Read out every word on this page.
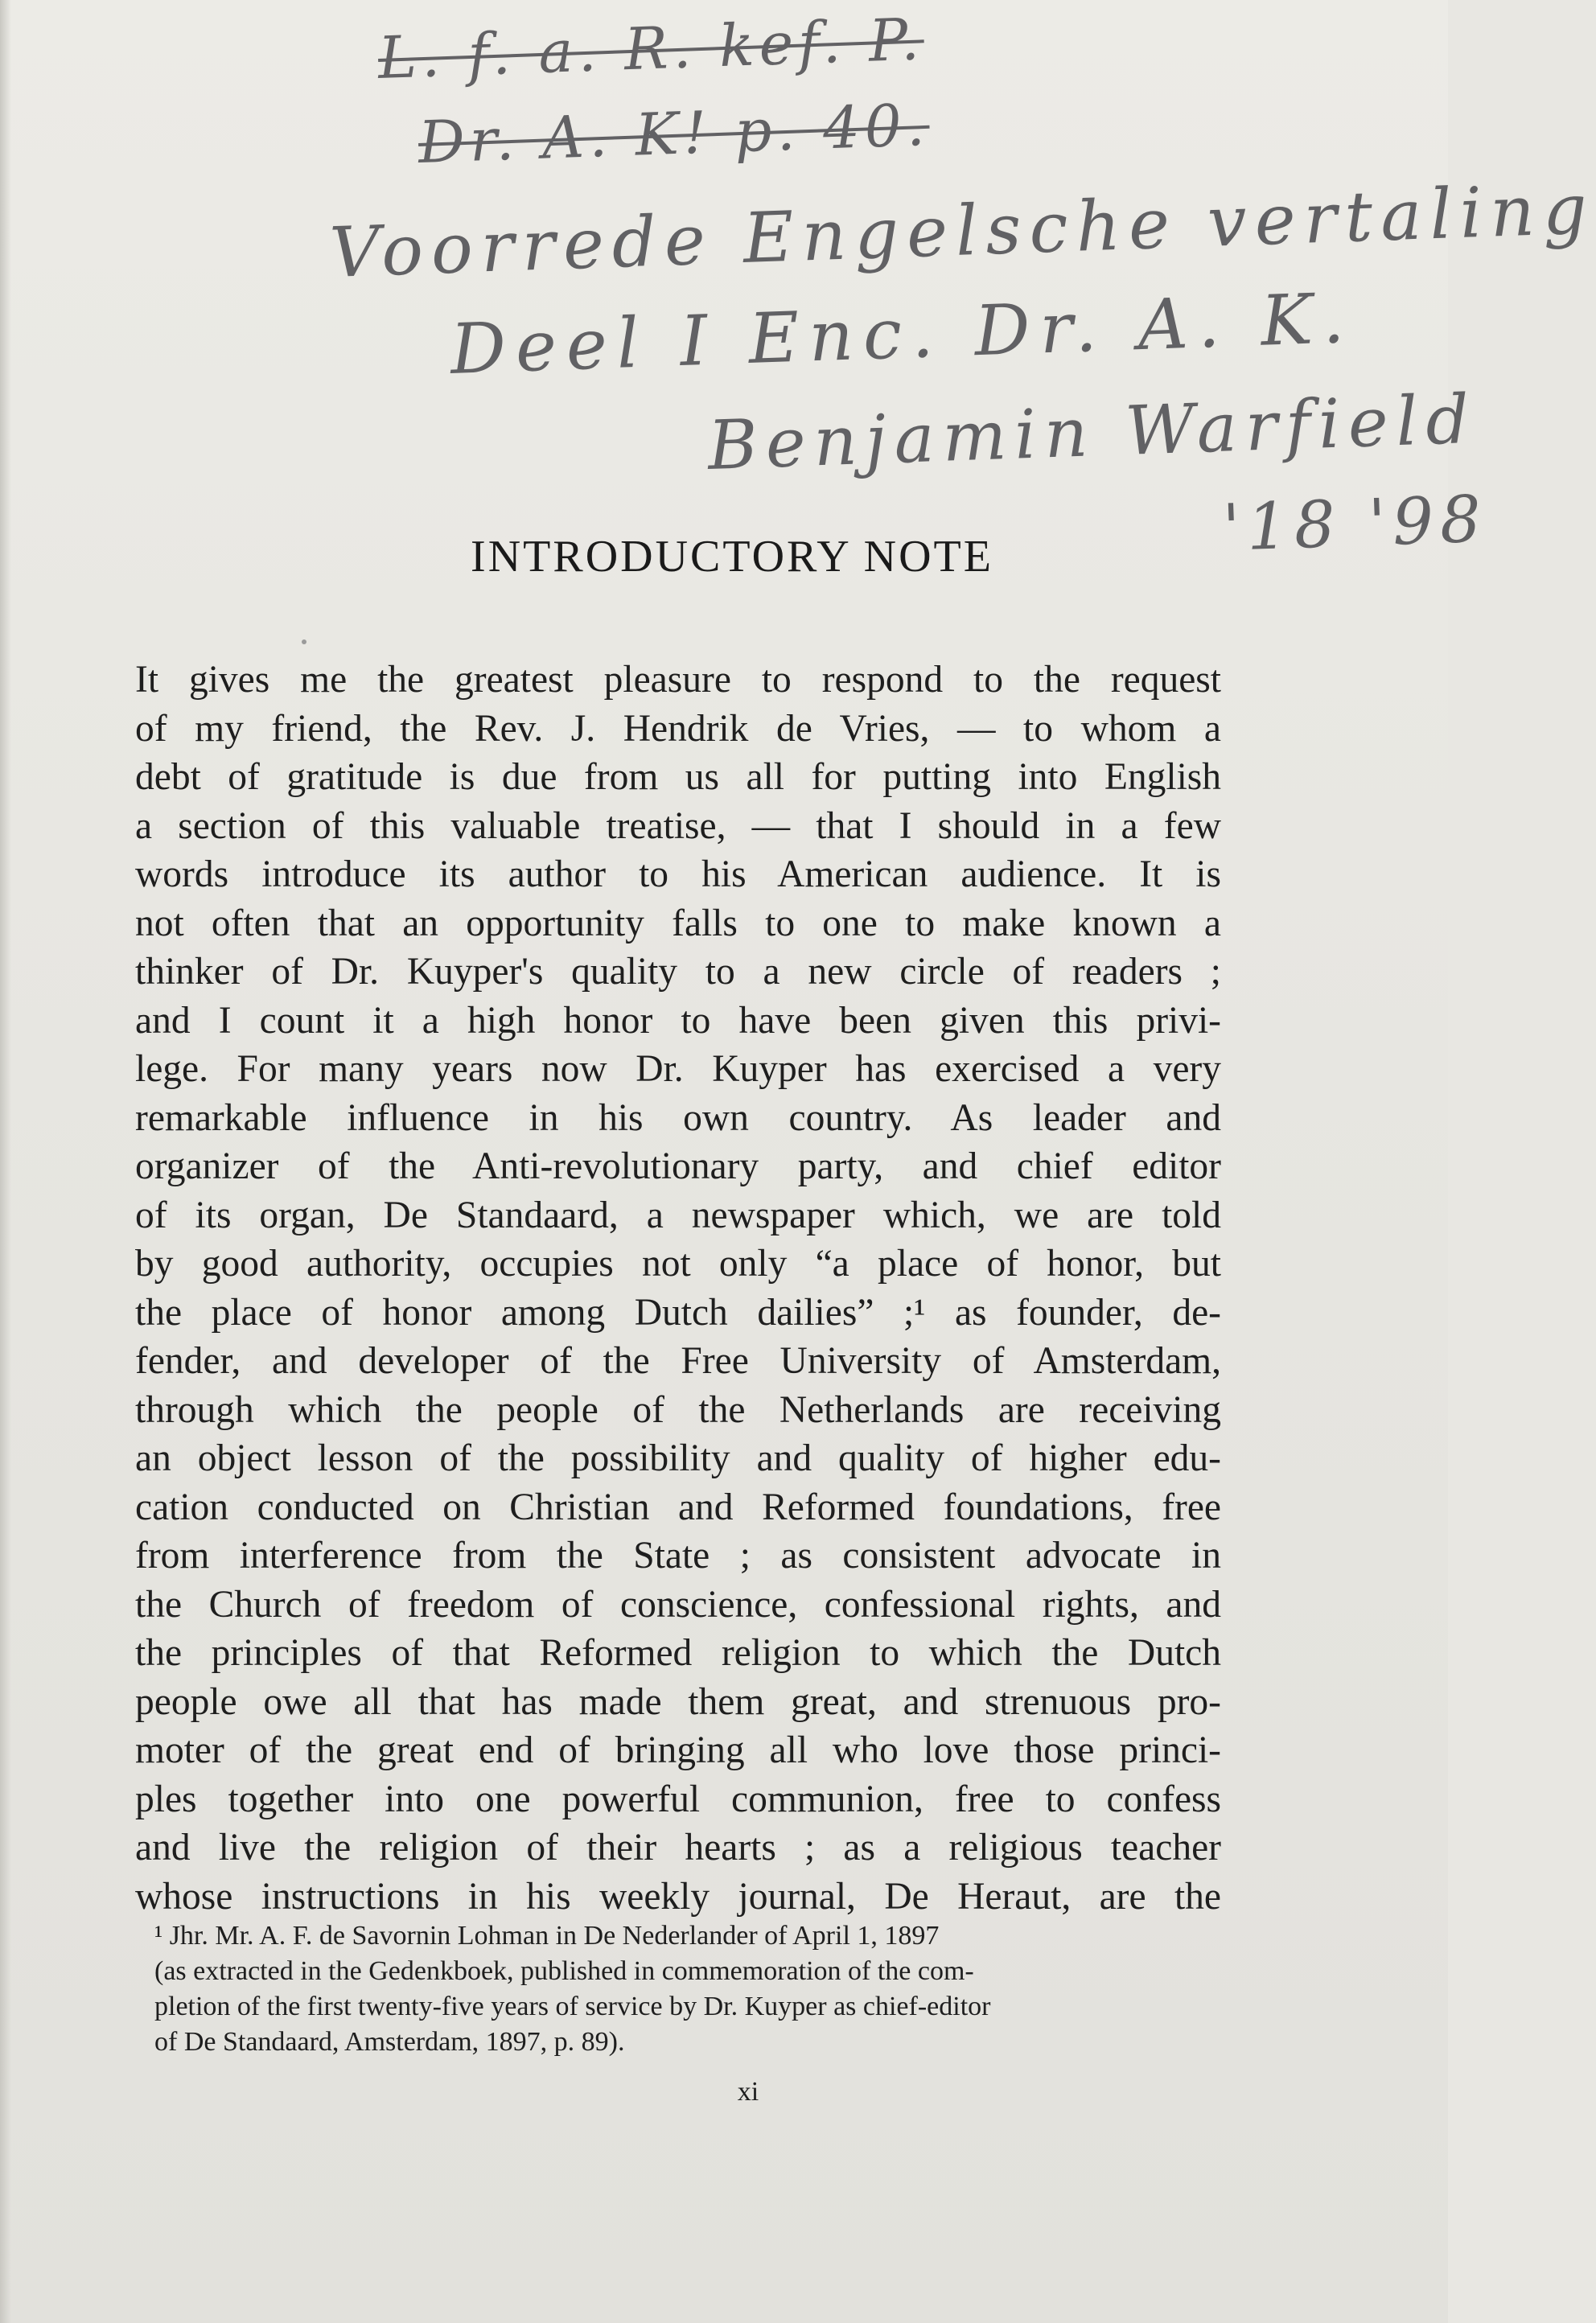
L. f. a. R. kef. P.
Dr. A. K! p. 40.
Voorrede Engelsche vertaling
Deel I Enc. Dr. A. K.
Benjamin Warfield
'18 '98
INTRODUCTORY NOTE
It gives me the greatest pleasure to respond to the request
of my friend, the Rev. J. Hendrik de Vries, — to whom a
debt of gratitude is due from us all for putting into English
a section of this valuable treatise, — that I should in a few
words introduce its author to his American audience. It is
not often that an opportunity falls to one to make known a
thinker of Dr. Kuyper's quality to a new circle of readers ;
and I count it a high honor to have been given this privi-
lege. For many years now Dr. Kuyper has exercised a very
remarkable influence in his own country. As leader and
organizer of the Anti-revolutionary party, and chief editor
of its organ, De Standaard, a newspaper which, we are told
by good authority, occupies not only “a place of honor, but
the place of honor among Dutch dailies” ;¹ as founder, de-
fender, and developer of the Free University of Amsterdam,
through which the people of the Netherlands are receiving
an object lesson of the possibility and quality of higher edu-
cation conducted on Christian and Reformed foundations, free
from interference from the State ; as consistent advocate in
the Church of freedom of conscience, confessional rights, and
the principles of that Reformed religion to which the Dutch
people owe all that has made them great, and strenuous pro-
moter of the great end of bringing all who love those princi-
ples together into one powerful communion, free to confess
and live the religion of their hearts ; as a religious teacher
whose instructions in his weekly journal, De Heraut, are the
¹ Jhr. Mr. A. F. de Savornin Lohman in De Nederlander of April 1, 1897
(as extracted in the Gedenkboek, published in commemoration of the com-
pletion of the first twenty-five years of service by Dr. Kuyper as chief-editor
of De Standaard, Amsterdam, 1897, p. 89).
xi
